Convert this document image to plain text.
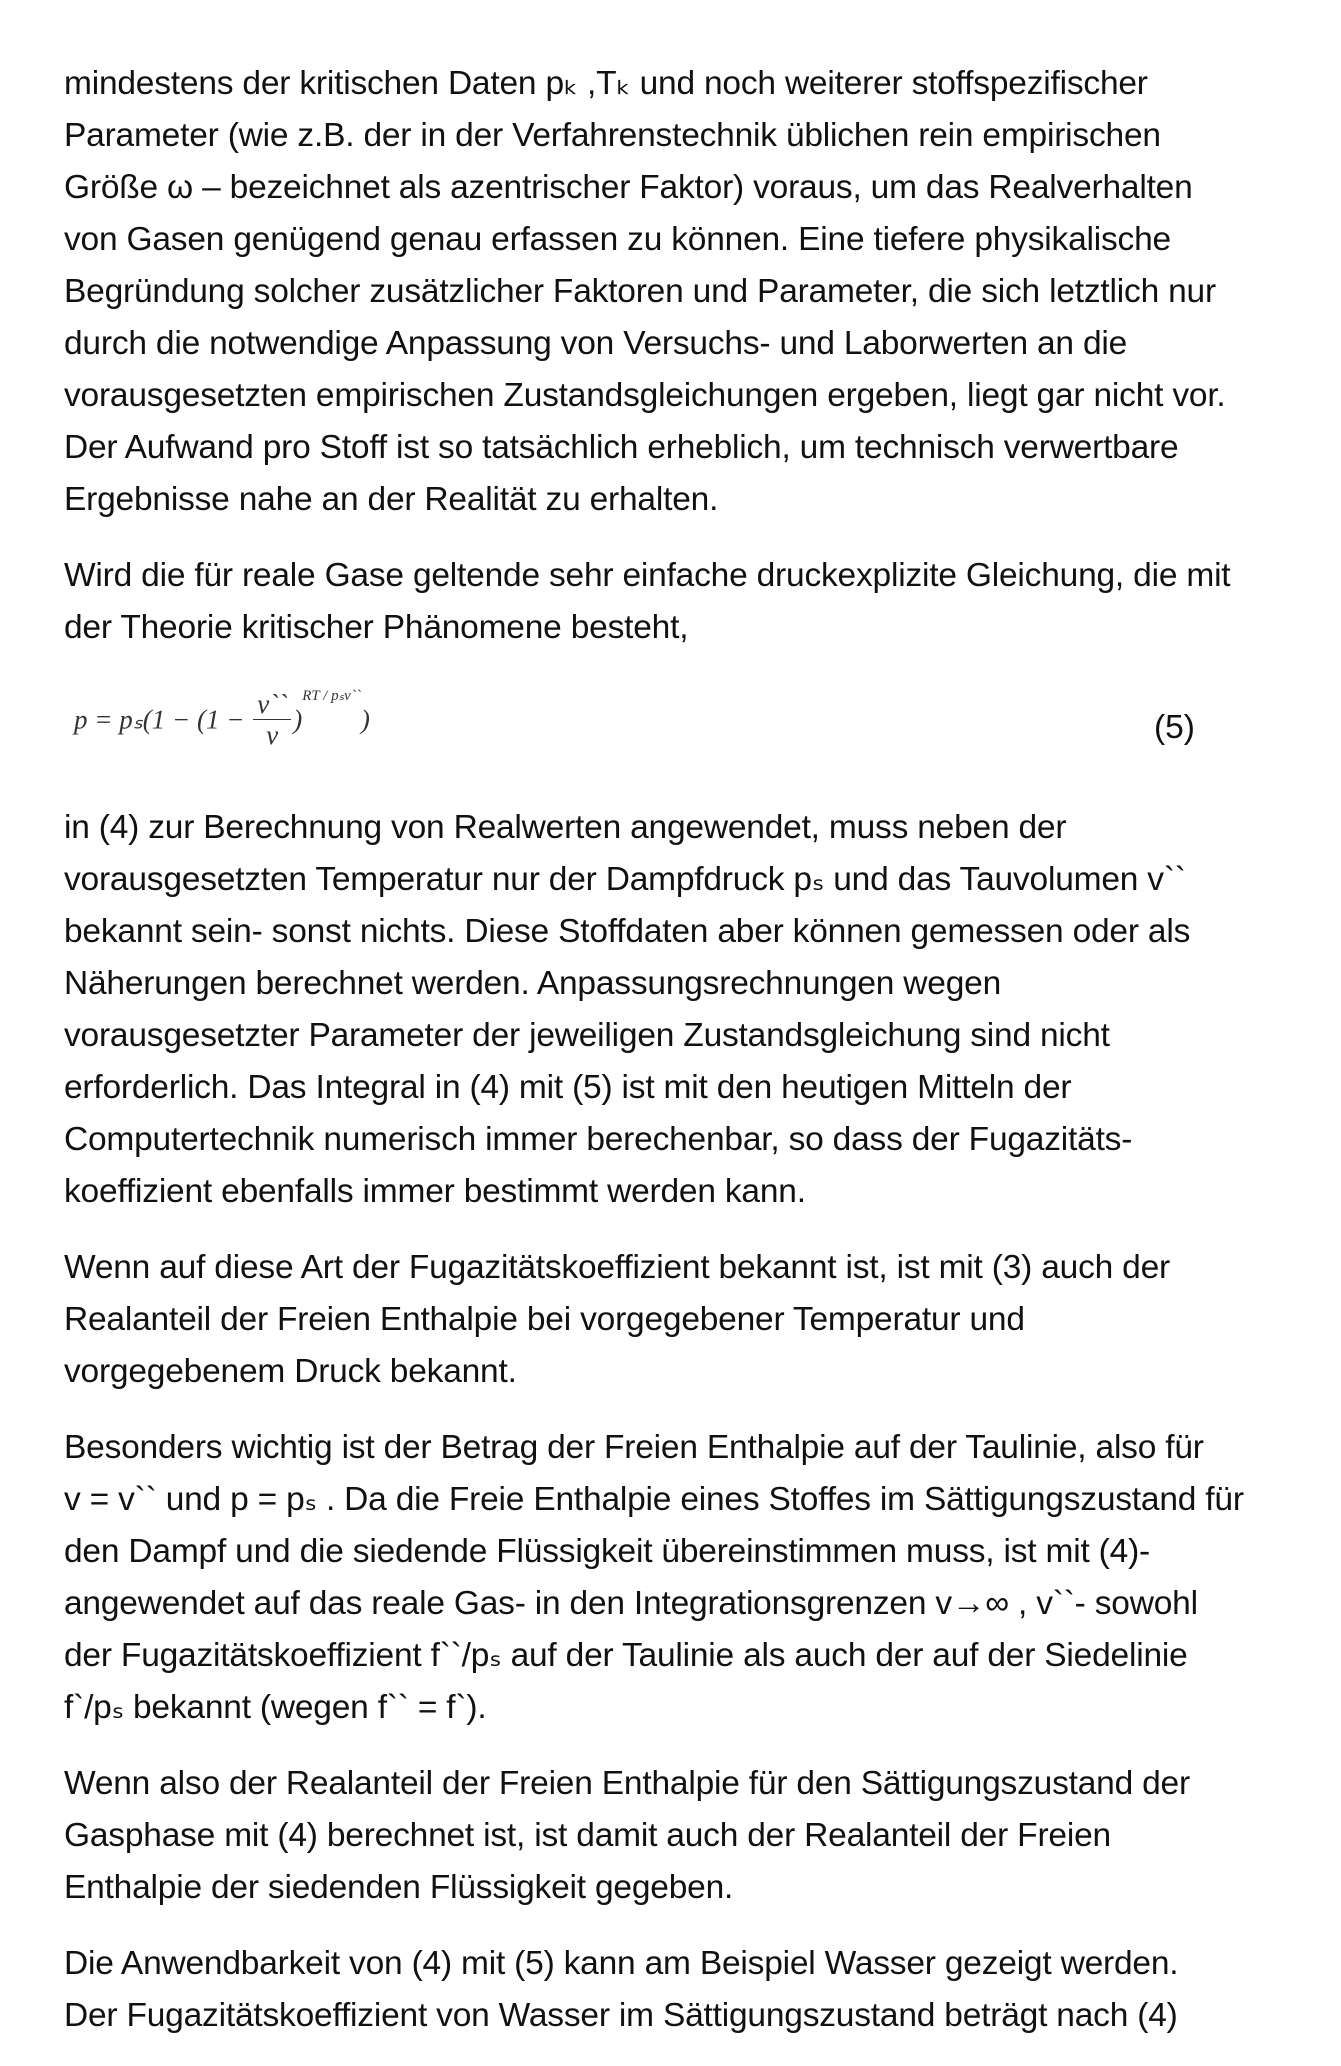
mindestens der kritischen Daten pₖ ,Tₖ und noch weiterer stoffspezifischer
Parameter (wie z.B. der in der Verfahrenstechnik üblichen rein empirischen
Größe ω – bezeichnet als azentrischer Faktor) voraus, um das Realverhalten
von Gasen genügend genau erfassen zu können. Eine tiefere physikalische
Begründung solcher zusätzlicher Faktoren und Parameter, die sich letztlich nur
durch die notwendige Anpassung von Versuchs- und Laborwerten an die
vorausgesetzten empirischen Zustandsgleichungen ergeben, liegt gar nicht vor.
Der Aufwand pro Stoff ist so tatsächlich erheblich, um technisch verwertbare
Ergebnisse nahe an der Realität zu erhalten.

Wird die für reale Gase geltende sehr einfache druckexplizite Gleichung, die mit
der Theorie kritischer Phänomene besteht,

$p = p_s(1 - (1 - \frac{v``}{v} )^{RT / p_sv``})$	(5)

in (4) zur Berechnung von Realwerten angewendet, muss neben der
vorausgesetzten Temperatur nur der Dampfdruck pₛ und das Tauvolumen v``
bekannt sein- sonst nichts. Diese Stoffdaten aber können gemessen oder als
Näherungen berechnet werden. Anpassungsrechnungen wegen
vorausgesetzter Parameter der jeweiligen Zustandsgleichung sind nicht
erforderlich. Das Integral in (4) mit (5) ist mit den heutigen Mitteln der
Computertechnik numerisch immer berechenbar, so dass der Fugazitäts-
koeffizient ebenfalls immer bestimmt werden kann.

Wenn auf diese Art der Fugazitätskoeffizient bekannt ist, ist mit (3) auch der
Realanteil der Freien Enthalpie bei vorgegebener Temperatur und
vorgegebenem Druck bekannt.

Besonders wichtig ist der Betrag der Freien Enthalpie auf der Taulinie, also für
v = v`` und p = pₛ . Da die Freie Enthalpie eines Stoffes im Sättigungszustand für
den Dampf und die siedende Flüssigkeit übereinstimmen muss, ist mit (4)-
angewendet auf das reale Gas- in den Integrationsgrenzen v→∞ , v``- sowohl
der Fugazitätskoeffizient f``/pₛ auf der Taulinie als auch der auf der Siedelinie
f`/pₛ bekannt (wegen f`` = f`).

Wenn also der Realanteil der Freien Enthalpie für den Sättigungszustand der
Gasphase mit (4) berechnet ist, ist damit auch der Realanteil der Freien
Enthalpie der siedenden Flüssigkeit gegeben.

Die Anwendbarkeit von (4) mit (5) kann am Beispiel Wasser gezeigt werden.
Der Fugazitätskoeffizient von Wasser im Sättigungszustand beträgt nach (4)
